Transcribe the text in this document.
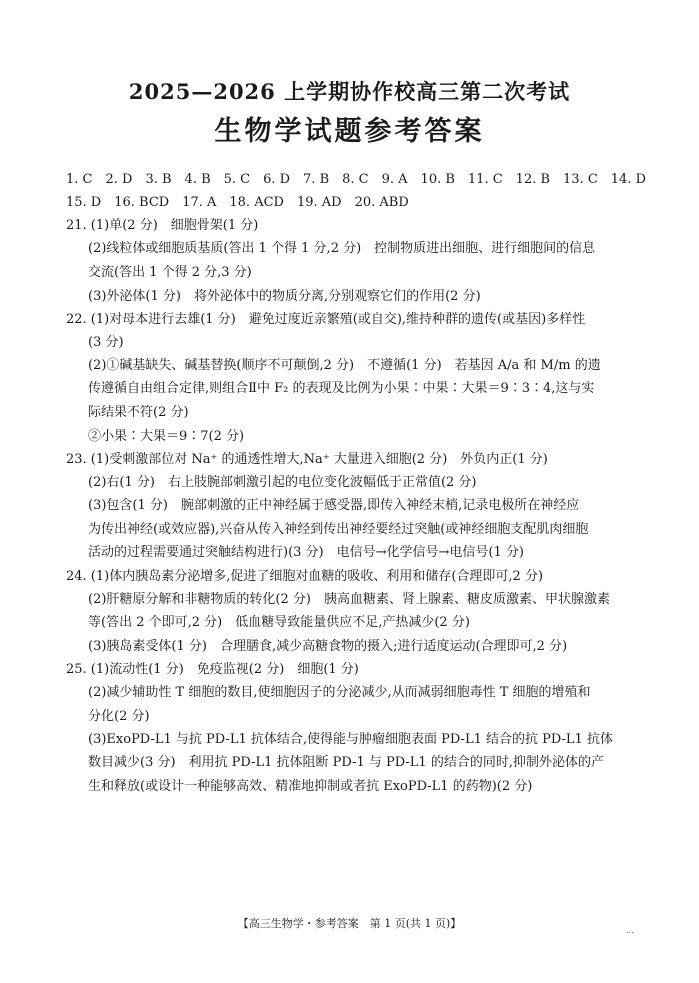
2025—2026 上学期协作校高三第二次考试
生物学试题参考答案
1. C　2. D　3. B　4. B　5. C　6. D　7. B　8. C　9. A　10. B　11. C　12. B　13. C　14. D
15. D　16. BCD　17. A　18. ACD　19. AD　20. ABD
21. (1)单(2 分)　细胞骨架(1 分)
(2)线粒体或细胞质基质(答出 1 个得 1 分,2 分)　控制物质进出细胞、进行细胞间的信息
交流(答出 1 个得 2 分,3 分)
(3)外泌体(1 分)　将外泌体中的物质分离,分别观察它们的作用(2 分)
22. (1)对母本进行去雄(1 分)　避免过度近亲繁殖(或自交),维持种群的遗传(或基因)多样性
(3 分)
(2)①碱基缺失、碱基替换(顺序不可颠倒,2 分)　不遵循(1 分)　若基因 A/a 和 M/m 的遗
传遵循自由组合定律,则组合Ⅱ中 F₂ 的表现及比例为小果∶中果∶大果＝9∶3∶4,这与实
际结果不符(2 分)
②小果∶大果＝9∶7(2 分)
23. (1)受刺激部位对 Na⁺ 的通透性增大,Na⁺ 大量进入细胞(2 分)　外负内正(1 分)
(2)右(1 分)　右上肢腕部刺激引起的电位变化波幅低于正常值(2 分)
(3)包含(1 分)　腕部刺激的正中神经属于感受器,即传入神经末梢,记录电极所在神经应
为传出神经(或效应器),兴奋从传入神经到传出神经要经过突触(或神经细胞支配肌肉细胞
活动的过程需要通过突触结构进行)(3 分)　电信号→化学信号→电信号(1 分)
24. (1)体内胰岛素分泌增多,促进了细胞对血糖的吸收、利用和储存(合理即可,2 分)
(2)肝糖原分解和非糖物质的转化(2 分)　胰高血糖素、肾上腺素、糖皮质激素、甲状腺激素
等(答出 2 个即可,2 分)　低血糖导致能量供应不足,产热减少(2 分)
(3)胰岛素受体(1 分)　合理膳食,减少高糖食物的摄入;进行适度运动(合理即可,2 分)
25. (1)流动性(1 分)　免疫监视(2 分)　细胞(1 分)
(2)减少辅助性 T 细胞的数目,使细胞因子的分泌减少,从而减弱细胞毒性 T 细胞的增殖和
分化(2 分)
(3)ExoPD-L1 与抗 PD-L1 抗体结合,使得能与肿瘤细胞表面 PD-L1 结合的抗 PD-L1 抗体
数目减少(3 分)　利用抗 PD-L1 抗体阻断 PD-1 与 PD-L1 的结合的同时,抑制外泌体的产
生和释放(或设计一种能够高效、精准地抑制或者抗 ExoPD-L1 的药物)(2 分)
【高三生物学・参考答案　第 1 页(共 1 页)】
...
